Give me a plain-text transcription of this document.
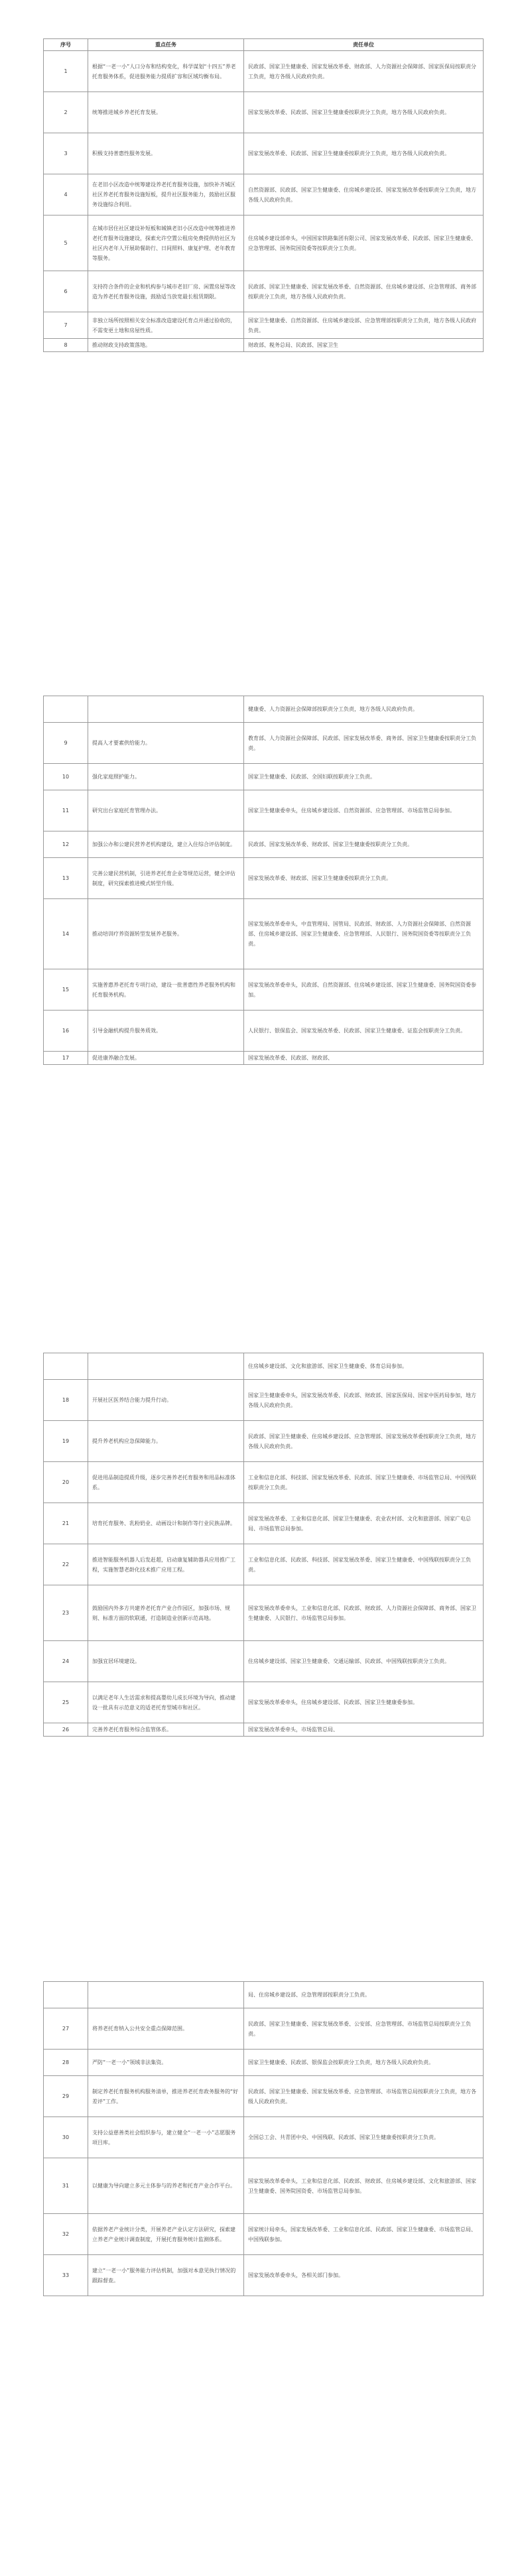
序号	重点任务	责任单位
1	根据“一老一小”人口分布和结构变化，科学谋划“十四五”养老托育服务体系，促进服务能力提质扩容和区域均衡布局。	民政部、国家卫生健康委、国家发展改革委、财政部、人力资源社会保障部、国家医保局按职责分工负责，地方各级人民政府负责。
2	统筹推进城乡养老托育发展。	国家发展改革委、民政部、国家卫生健康委按职责分工负责，地方各级人民政府负责。
3	积极支持普惠性服务发展。	国家发展改革委、民政部、国家卫生健康委按职责分工负责，地方各级人民政府负责。
4	在老旧小区改造中统筹建设养老托育服务设施，加快补齐城区社区养老托育服务设施短板，提升社区服务能力，鼓励社区服务设施综合利用。	自然资源部、民政部、国家卫生健康委、住房城乡建设部、国家发展改革委按职责分工负责，地方各级人民政府负责。
5	在城市居住社区建设补短板和城镇老旧小区改造中统筹推进养老托育服务设施建设，探索允许空置公租房免费提供给社区为社区内老年人开展助餐助行、日间照料、康复护理、老年教育等服务。	住房城乡建设部牵头，中国国家铁路集团有限公司、国家发展改革委、民政部、国家卫生健康委、应急管理部、国务院国资委等按职责分工负责。
6	支持符合条件的企业和机构参与城市老旧厂房、闲置房屋等改造为养老托育服务设施，鼓励适当放宽最长租赁期限。	民政部、国家卫生健康委、国家发展改革委、自然资源部、住房城乡建设部、应急管理部、商务部按职责分工负责，地方各级人民政府负责。
7	非独立场所按照相关安全标准改造建设托育点并通过验收的，不需变更土地和房屋性质。	国家卫生健康委、自然资源部、住房城乡建设部、应急管理部按职责分工负责，地方各级人民政府负责。
8	推动财政支持政策落地。	财政部、税务总局、民政部、国家卫生
		健康委、人力资源社会保障部按职责分工负责，地方各级人民政府负责。
9	提高人才要素供给能力。	教育部、人力资源社会保障部、民政部、国家发展改革委、商务部、国家卫生健康委按职责分工负责。
10	强化家庭照护能力。	国家卫生健康委、民政部、全国妇联按职责分工负责。
11	研究出台家庭托育管理办法。	国家卫生健康委牵头，住房城乡建设部、自然资源部、应急管理部、市场监管总局参加。
12	加强公办和公建民营养老机构建设，建立入住综合评估制度。	民政部、国家发展改革委、财政部、国家卫生健康委按职责分工负责。
13	完善公建民营机制，引进养老托育企业等规范运营，健全评估制度，研究探索推进模式转型升级。	国家发展改革委、财政部、国家卫生健康委按职责分工负责。
14	推动培训疗养资源转型发展养老服务。	国家发展改革委牵头，中直管理局、国管局、民政部、财政部、人力资源社会保障部、自然资源部、住房城乡建设部、国家卫生健康委、应急管理部、人民银行、国务院国资委等按职责分工负责。
15	实施普惠养老托育专项行动，建设一批普惠性养老服务机构和托育服务机构。	国家发展改革委牵头，民政部、自然资源部、住房城乡建设部、国家卫生健康委、国务院国资委参加。
16	引导金融机构提升服务质效。	人民银行、银保监会、国家发展改革委、民政部、国家卫生健康委、证监会按职责分工负责。
17	促进康养融合发展。	国家发展改革委、民政部、财政部、
		住房城乡建设部、文化和旅游部、国家卫生健康委、体育总局参加。
18	开展社区医养结合能力提升行动。	国家卫生健康委牵头，国家发展改革委、民政部、财政部、国家医保局、国家中医药局参加，地方各级人民政府负责。
19	提升养老机构应急保障能力。	民政部、国家卫生健康委、住房城乡建设部、应急管理部、国家发展改革委按职责分工负责，地方各级人民政府负责。
20	促进用品制造提质升级，逐步完善养老托育服务和用品标准体系。	工业和信息化部、科技部、国家发展改革委、民政部、国家卫生健康委、市场监管总局、中国残联按职责分工负责。
21	培育托育服务、乳粉奶业、动画设计和制作等行业民族品牌。	国家发展改革委、工业和信息化部、国家卫生健康委、农业农村部、文化和旅游部、国家广电总局、市场监管总局参加。
22	推进智能服务机器人后发赶超，启动康复辅助器具应用推广工程，实施智慧老龄化技术推广应用工程。	工业和信息化部、民政部、科技部、国家发展改革委、国家卫生健康委、中国残联按职责分工负责。
23	鼓励国内外多方共建养老托育产业合作园区，加强市场、规则、标准方面的软联通，打造制造业创新示范高地。	国家发展改革委牵头，工业和信息化部、民政部、财政部、人力资源社会保障部、商务部、国家卫生健康委、人民银行、市场监管总局参加。
24	加强宜居环境建设。	住房城乡建设部、国家卫生健康委、交通运输部、民政部、中国残联按职责分工负责。
25	以满足老年人生活需求和提高婴幼儿成长环境为导向，推动建设一批具有示范意义的适老托育型城市和社区。	国家发展改革委牵头，住房城乡建设部、民政部、国家卫生健康委参加。
26	完善养老托育服务综合监管体系。	国家发展改革委牵头，市场监管总局、
		局、住房城乡建设部、应急管理部按职责分工负责。
27	将养老托育纳入公共安全重点保障范围。	民政部、国家卫生健康委、国家发展改革委、公安部、应急管理部、市场监管总局按职责分工负责。
28	严防“一老一小”领域非法集资。	国家卫生健康委、民政部、银保监会按职责分工负责，地方各级人民政府负责。
29	制定养老托育服务机构服务清单，推进养老托育政务服务的“好差评”工作。	民政部、国家卫生健康委、国家发展改革委、应急管理部、市场监管总局按职责分工负责，地方各级人民政府负责。
30	支持公益慈善类社会组织参与，建立健全“一老一小”志愿服务项目库。	全国总工会、共青团中央、中国残联、民政部、国家卫生健康委按职责分工负责。
31	以健康为导向建立多元主体参与的养老和托育产业合作平台。	国家发展改革委牵头，工业和信息化部、民政部、财政部、住房城乡建设部、文化和旅游部、国家卫生健康委、国务院国资委、市场监管总局参加。
32	依据养老产业统计分类，开展养老产业认定方法研究，探索建立养老产业统计调查制度，开展托育服务统计监测体系。	国家统计局牵头，国家发展改革委、工业和信息化部、民政部、国家卫生健康委、市场监管总局、中国残联参加。
33	建立“一老一小”服务能力评估机制，加强对本意见执行情况的跟踪督查。	国家发展改革委牵头，各相关部门参加。
